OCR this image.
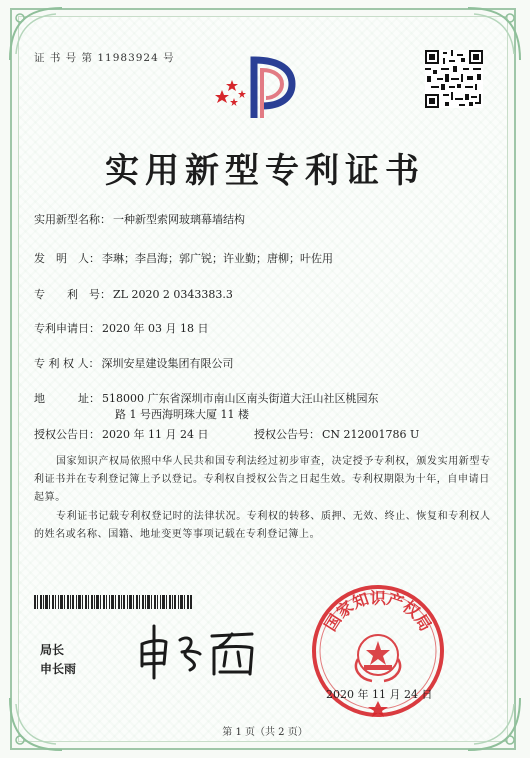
证 书 号 第 11983924 号
实用新型专利证书
实用新型名称： 一种新型索网玻璃幕墙结构
发　明　人： 李琳；李昌海；郭广锐；许业勤；唐柳；叶佐用
专　　利　号： ZL 2020 2 0343383.3
专利申请日： 2020 年 03 月 18 日
专 利 权 人： 深圳安星建设集团有限公司
地　　　址： 518000 广东省深圳市南山区南头街道大汪山社区桃园东
路 1 号西海明珠大厦 11 楼
授权公告日： 2020 年 11 月 24 日	授权公告号： CN 212001786 U
国家知识产权局依照中华人民共和国专利法经过初步审查，决定授予专利权，颁发实用新型专利证书并在专利登记簿上予以登记。专利权自授权公告之日起生效。专利权期限为十年，自申请日起算。
专利证书记载专利权登记时的法律状况。专利权的转移、质押、无效、终止、恢复和专利权人的姓名或名称、国籍、地址变更等事项记载在专利登记簿上。
局长
申长雨
国家知识产权局
2020 年 11 月 24 日
第 1 页（共 2 页）
